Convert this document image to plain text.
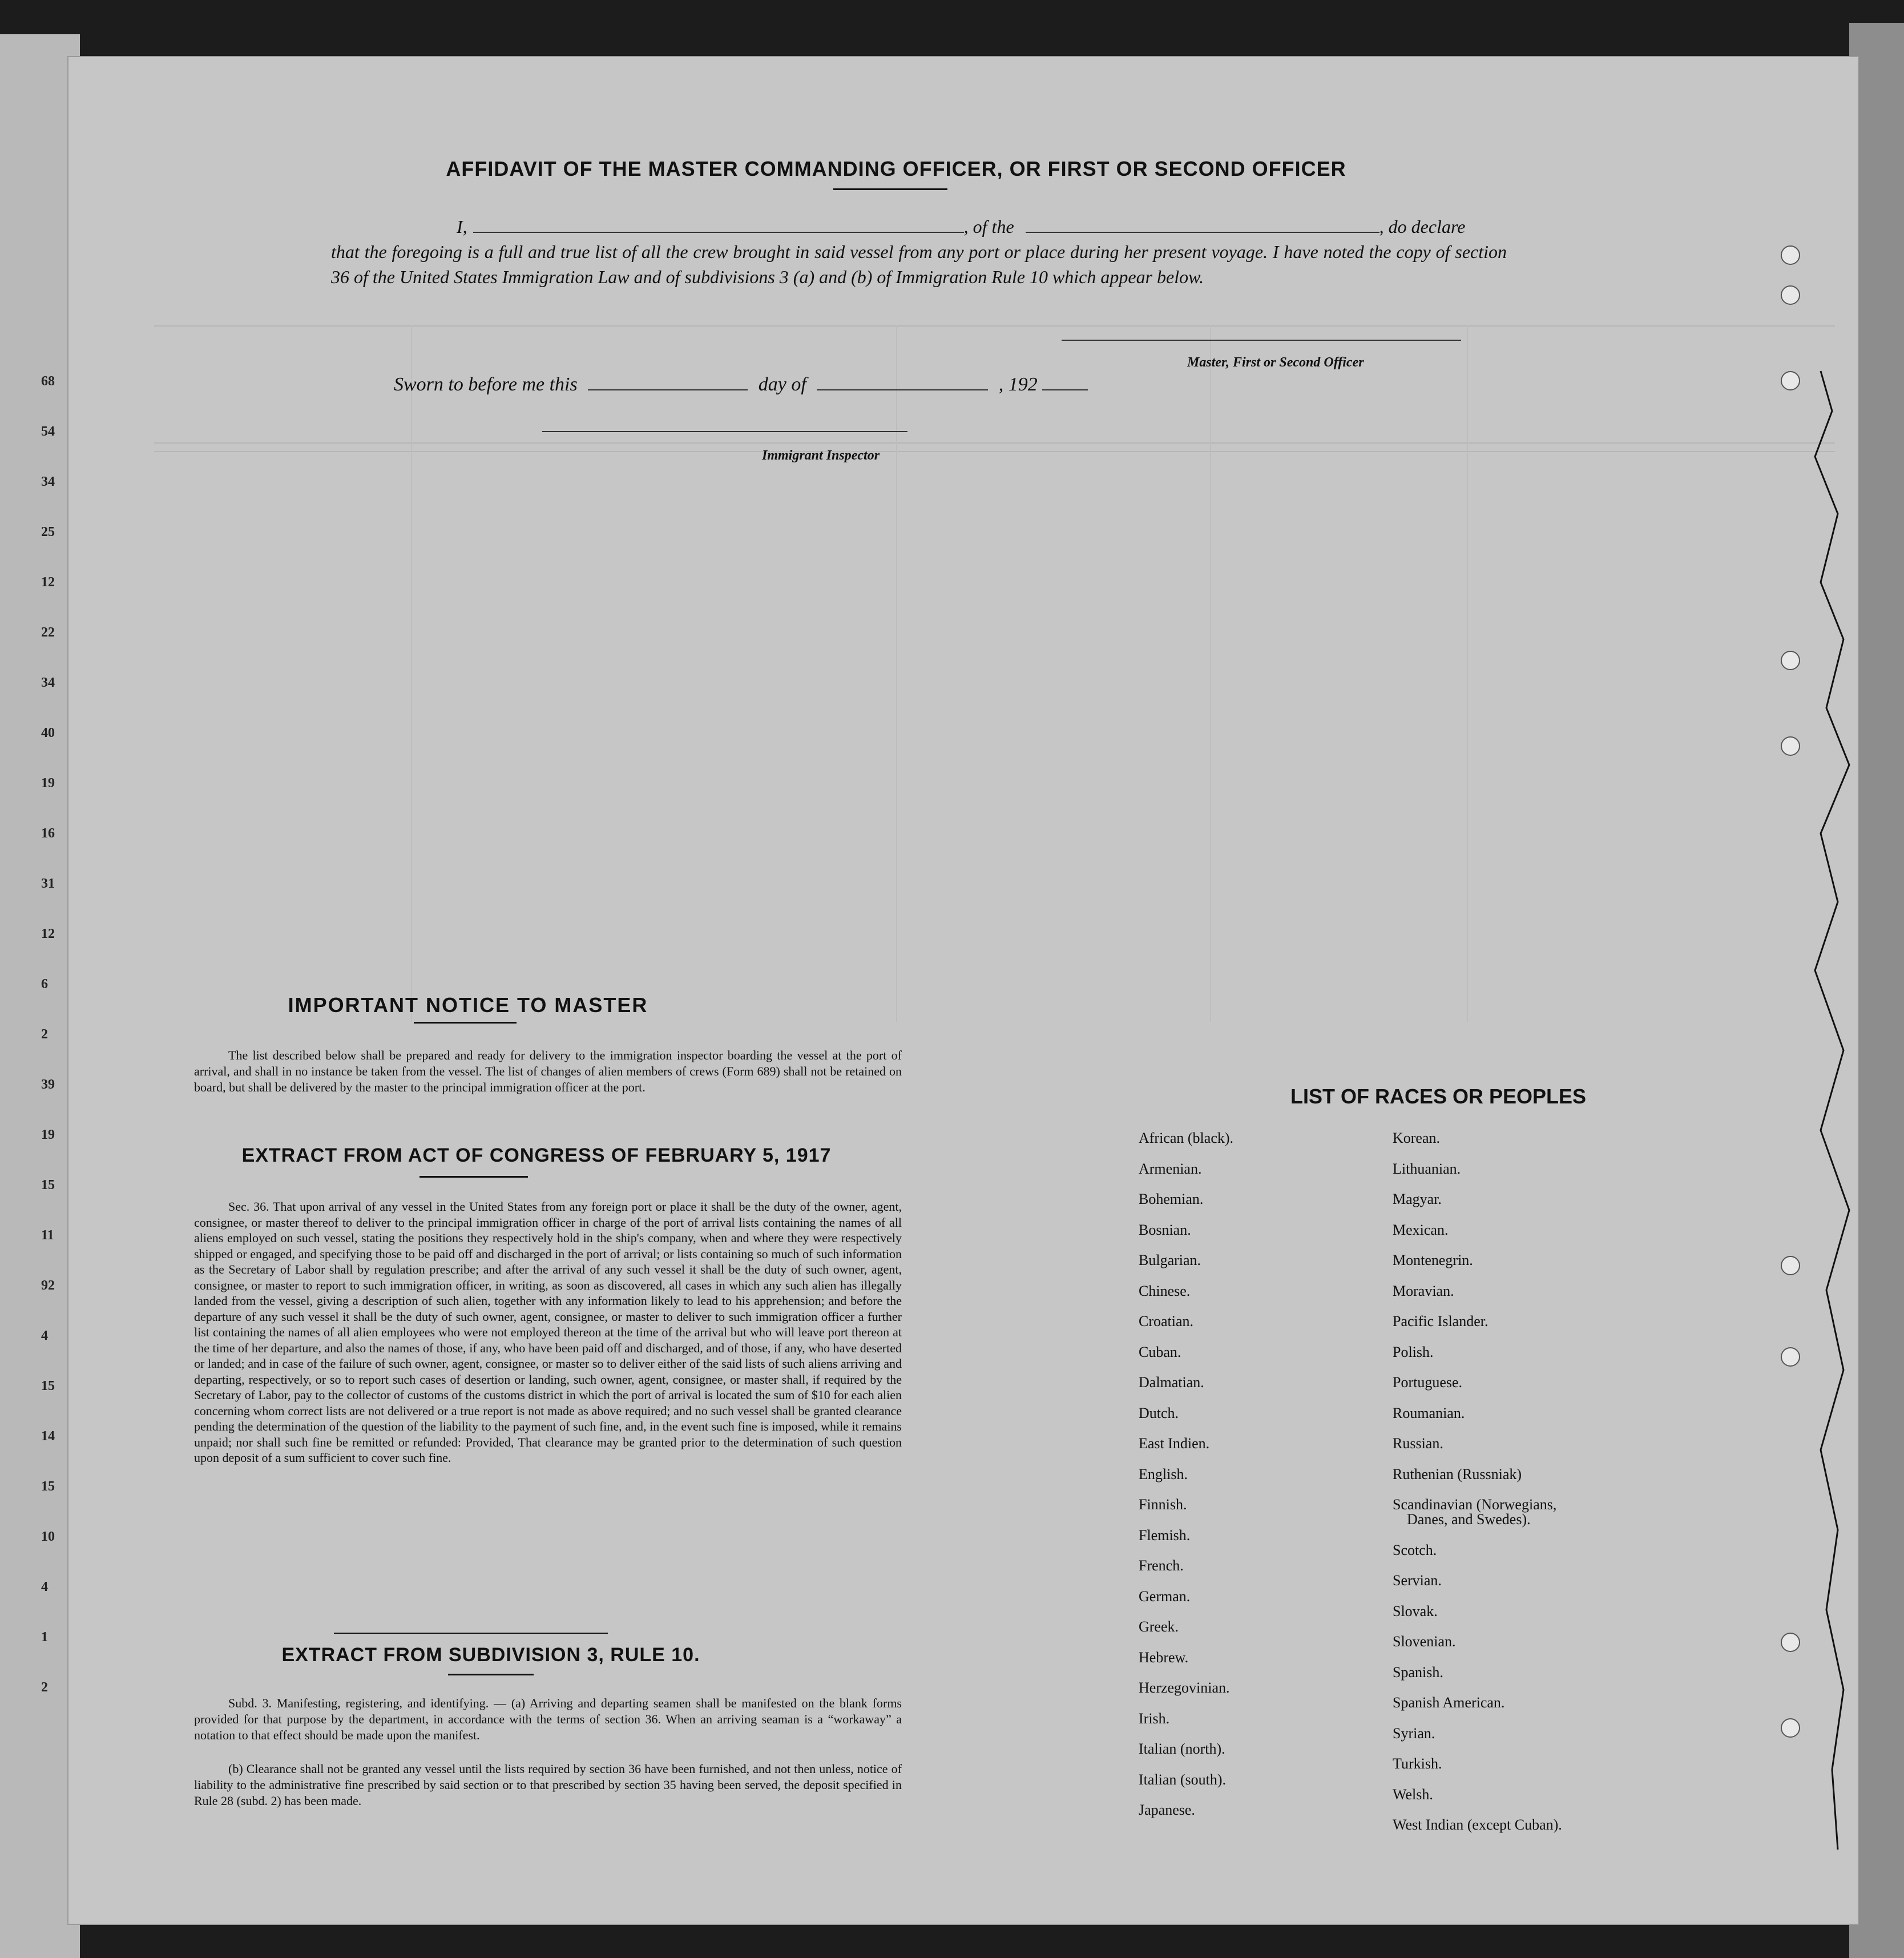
68
54
34
25
12
22
34
40
19
16
31
12
6
2
39
19
15
11
92
4
15
14
15
10
4
1
2
AFFIDAVIT OF THE MASTER COMMANDING OFFICER, OR FIRST OR SECOND OFFICER
I,	, of the	, do declare
that the foregoing is a full and true list of all the crew brought in said vessel from any port or place during her present voyage. I have noted the copy of section 36 of the United States Immigration Law and of subdivisions 3 (a) and (b) of Immigration Rule 10 which appear below.
Master, First or Second Officer
Sworn to before me this	day of	, 192
Immigrant Inspector
IMPORTANT NOTICE TO MASTER
The list described below shall be prepared and ready for delivery to the immigration inspector boarding the vessel at the port of arrival, and shall in no instance be taken from the vessel. The list of changes of alien members of crews (Form 689) shall not be retained on board, but shall be delivered by the master to the principal immigration officer at the port.
EXTRACT FROM ACT OF CONGRESS OF FEBRUARY 5, 1917
Sec. 36. That upon arrival of any vessel in the United States from any foreign port or place it shall be the duty of the owner, agent, consignee, or master thereof to deliver to the principal immigration officer in charge of the port of arrival lists containing the names of all aliens employed on such vessel, stating the positions they respectively hold in the ship's company, when and where they were respectively shipped or engaged, and specifying those to be paid off and discharged in the port of arrival; or lists containing so much of such information as the Secretary of Labor shall by regulation prescribe; and after the arrival of any such vessel it shall be the duty of such owner, agent, consignee, or master to report to such immigration officer, in writing, as soon as discovered, all cases in which any such alien has illegally landed from the vessel, giving a description of such alien, together with any information likely to lead to his apprehension; and before the departure of any such vessel it shall be the duty of such owner, agent, consignee, or master to deliver to such immigration officer a further list containing the names of all alien employees who were not employed thereon at the time of the arrival but who will leave port thereon at the time of her departure, and also the names of those, if any, who have been paid off and discharged, and of those, if any, who have deserted or landed; and in case of the failure of such owner, agent, consignee, or master so to deliver either of the said lists of such aliens arriving and departing, respectively, or so to report such cases of desertion or landing, such owner, agent, consignee, or master shall, if required by the Secretary of Labor, pay to the collector of customs of the customs district in which the port of arrival is located the sum of $10 for each alien concerning whom correct lists are not delivered or a true report is not made as above required; and no such vessel shall be granted clearance pending the determination of the question of the liability to the payment of such fine, and, in the event such fine is imposed, while it remains unpaid; nor shall such fine be remitted or refunded: Provided, That clearance may be granted prior to the determination of such question upon deposit of a sum sufficient to cover such fine.
EXTRACT FROM SUBDIVISION 3, RULE 10.
Subd. 3. Manifesting, registering, and identifying. — (a) Arriving and departing seamen shall be manifested on the blank forms provided for that purpose by the department, in accordance with the terms of section 36. When an arriving seaman is a “workaway” a notation to that effect should be made upon the manifest.
(b) Clearance shall not be granted any vessel until the lists required by section 36 have been furnished, and not then unless, notice of liability to the administrative fine prescribed by said section or to that prescribed by section 35 having been served, the deposit specified in Rule 28 (subd. 2) has been made.
LIST OF RACES OR PEOPLES
African (black).
Armenian.
Bohemian.
Bosnian.
Bulgarian.
Chinese.
Croatian.
Cuban.
Dalmatian.
Dutch.
East Indien.
English.
Finnish.
Flemish.
French.
German.
Greek.
Hebrew.
Herzegovinian.
Irish.
Italian (north).
Italian (south).
Japanese.
Korean.
Lithuanian.
Magyar.
Mexican.
Montenegrin.
Moravian.
Pacific Islander.
Polish.
Portuguese.
Roumanian.
Russian.
Ruthenian (Russniak)
Scandinavian (Norwegians,
Danes, and Swedes).
Scotch.
Servian.
Slovak.
Slovenian.
Spanish.
Spanish American.
Syrian.
Turkish.
Welsh.
West Indian (except Cuban).
